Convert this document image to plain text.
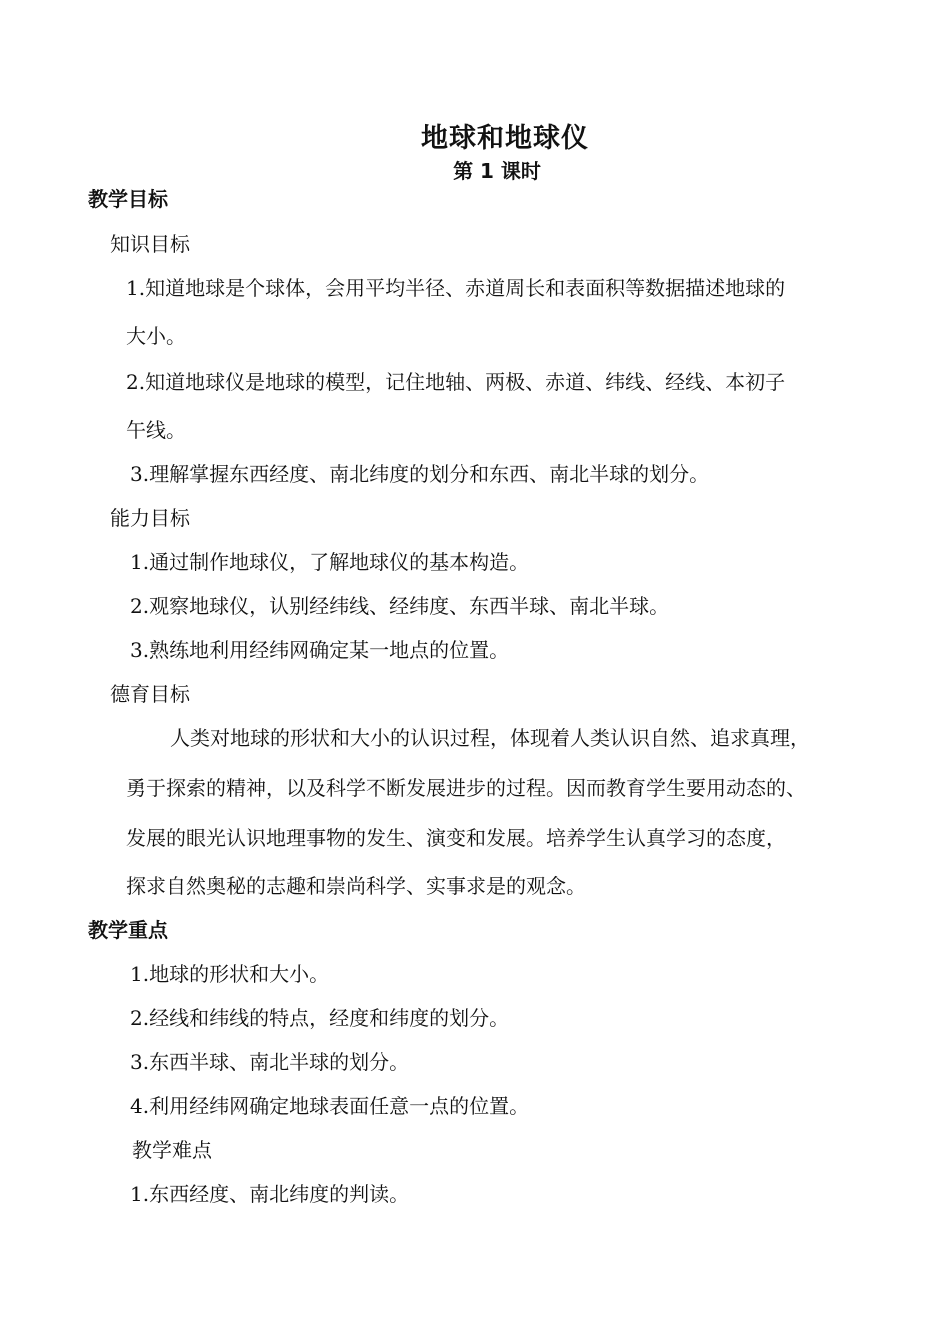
地球和地球仪
第 1 课时
教学目标
知识目标
1.知道地球是个球体，会用平均半径、赤道周长和表面积等数据描述地球的
大小。
2.知道地球仪是地球的模型，记住地轴、两极、赤道、纬线、经线、本初子
午线。
3.理解掌握东西经度、南北纬度的划分和东西、南北半球的划分。
能力目标
1.通过制作地球仪，了解地球仪的基本构造。
2.观察地球仪，认别经纬线、经纬度、东西半球、南北半球。
3.熟练地利用经纬网确定某一地点的位置。
德育目标
人类对地球的形状和大小的认识过程，体现着人类认识自然、追求真理，
勇于探索的精神，以及科学不断发展进步的过程。因而教育学生要用动态的、
发展的眼光认识地理事物的发生、演变和发展。培养学生认真学习的态度，
探求自然奥秘的志趣和崇尚科学、实事求是的观念。
教学重点
1.地球的形状和大小。
2.经线和纬线的特点，经度和纬度的划分。
3.东西半球、南北半球的划分。
4.利用经纬网确定地球表面任意一点的位置。
教学难点
1.东西经度、南北纬度的判读。
